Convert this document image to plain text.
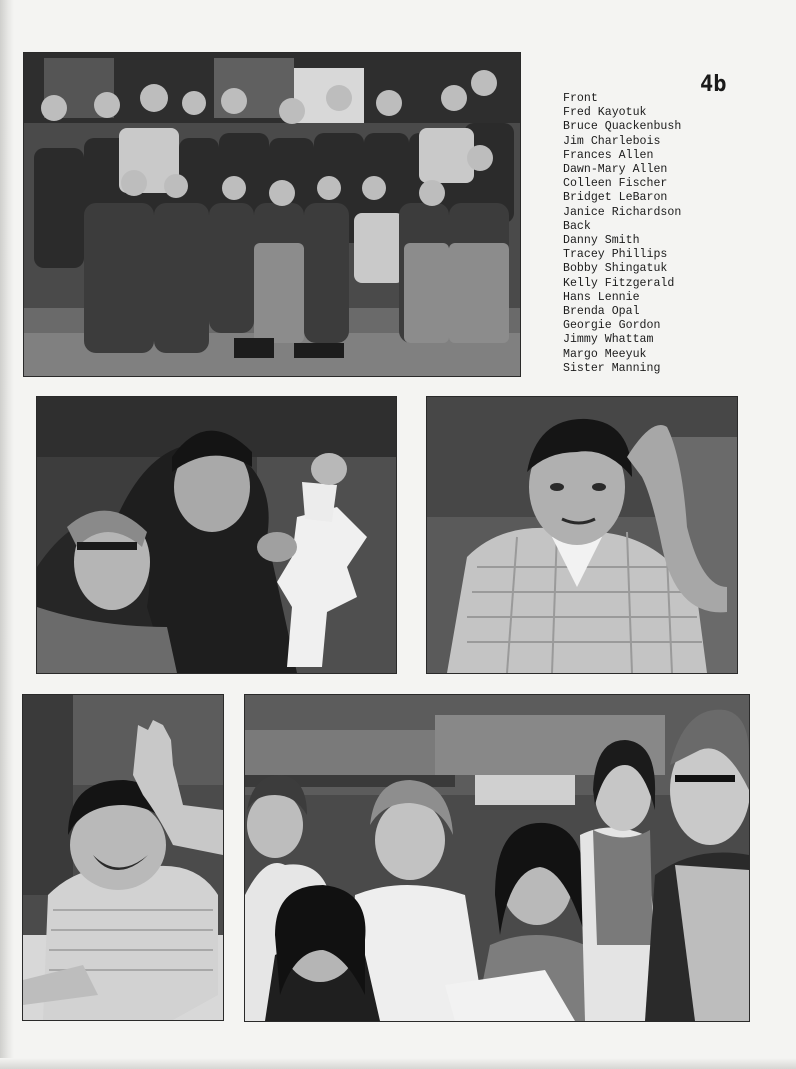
4b
Front
Fred Kayotuk
Bruce Quackenbush
Jim Charlebois
Frances Allen
Dawn-Mary Allen
Colleen Fischer
Bridget LeBaron
Janice Richardson
Back
Danny Smith
Tracey Phillips
Bobby Shingatuk
Kelly Fitzgerald
Hans Lennie
Brenda Opal
Georgie Gordon
Jimmy Whattam
Margo Meeyuk
Sister Manning
